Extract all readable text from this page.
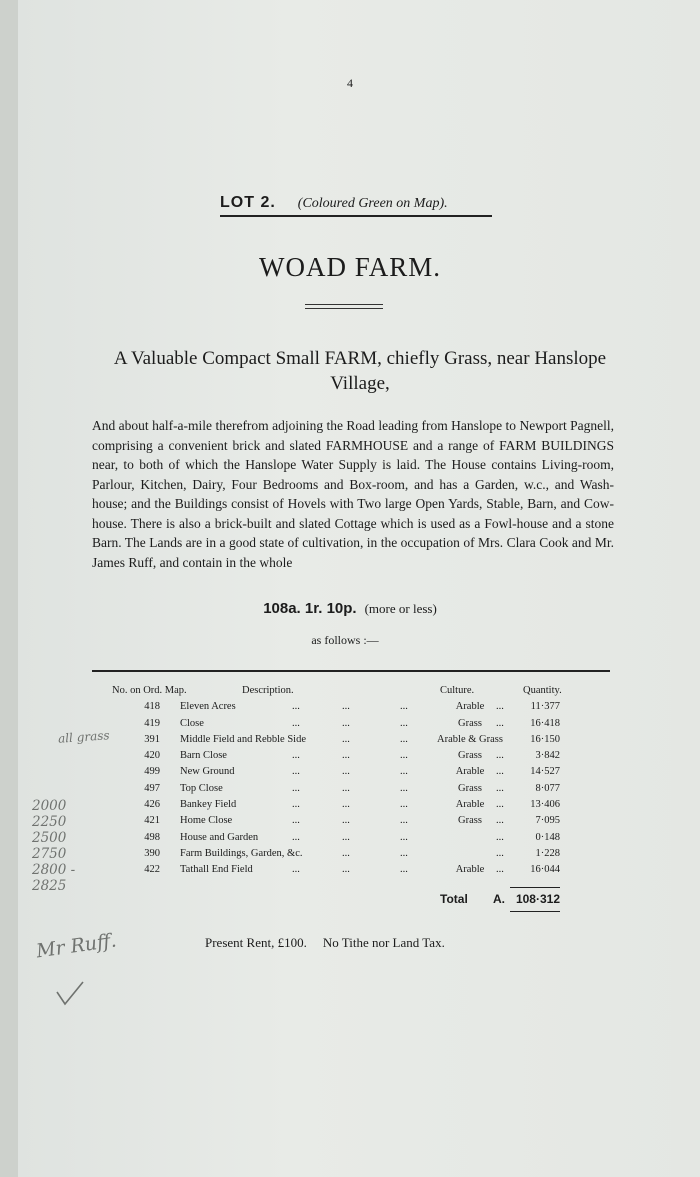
4
LOT 2. (Coloured Green on Map).
WOAD FARM.
A Valuable Compact Small FARM, chiefly Grass, near Hanslope Village,
And about half-a-mile therefrom adjoining the Road leading from Hanslope to Newport Pagnell, comprising a convenient brick and slated FARMHOUSE and a range of FARM BUILDINGS near, to both of which the Hanslope Water Supply is laid. The House contains Living-room, Parlour, Kitchen, Dairy, Four Bedrooms and Box-room, and has a Garden, w.c., and Wash-house; and the Buildings consist of Hovels with Two large Open Yards, Stable, Barn, and Cow-house. There is also a brick-built and slated Cottage which is used as a Fowl-house and a stone Barn. The Lands are in a good state of cultivation, in the occupation of Mrs. Clara Cook and Mr. James Ruff, and contain in the whole
108a. 1r. 10p. (more or less)
as follows :—
No. on Ord. Map.	Description.	Culture.	Quantity.
418 Eleven Acres	...	...	...	Arable	...	11·377
419 Close	...	...	...	Grass	...	16·418
391 Middle Field and Rebble Side	...	...	Arable & Grass	16·150
420 Barn Close	...	...	...	Grass	...	3·842
499 New Ground	...	...	...	Arable	...	14·527
497 Top Close	...	...	...	Grass	...	8·077
426 Bankey Field	...	...	...	Arable	...	13·406
421 Home Close	...	...	...	Grass	...	7·095
498 House and Garden	...	...	...	...	0·148
390 Farm Buildings, Garden, &c.	...	...	...	1·228
422 Tathall End Field	...	...	...	Arable	...	16·044
Total A. 108·312
Present Rent, £100. No Tithe nor Land Tax.
all grass
2000
2250
2500
2750
2800 -
2825
Mr Ruff.
